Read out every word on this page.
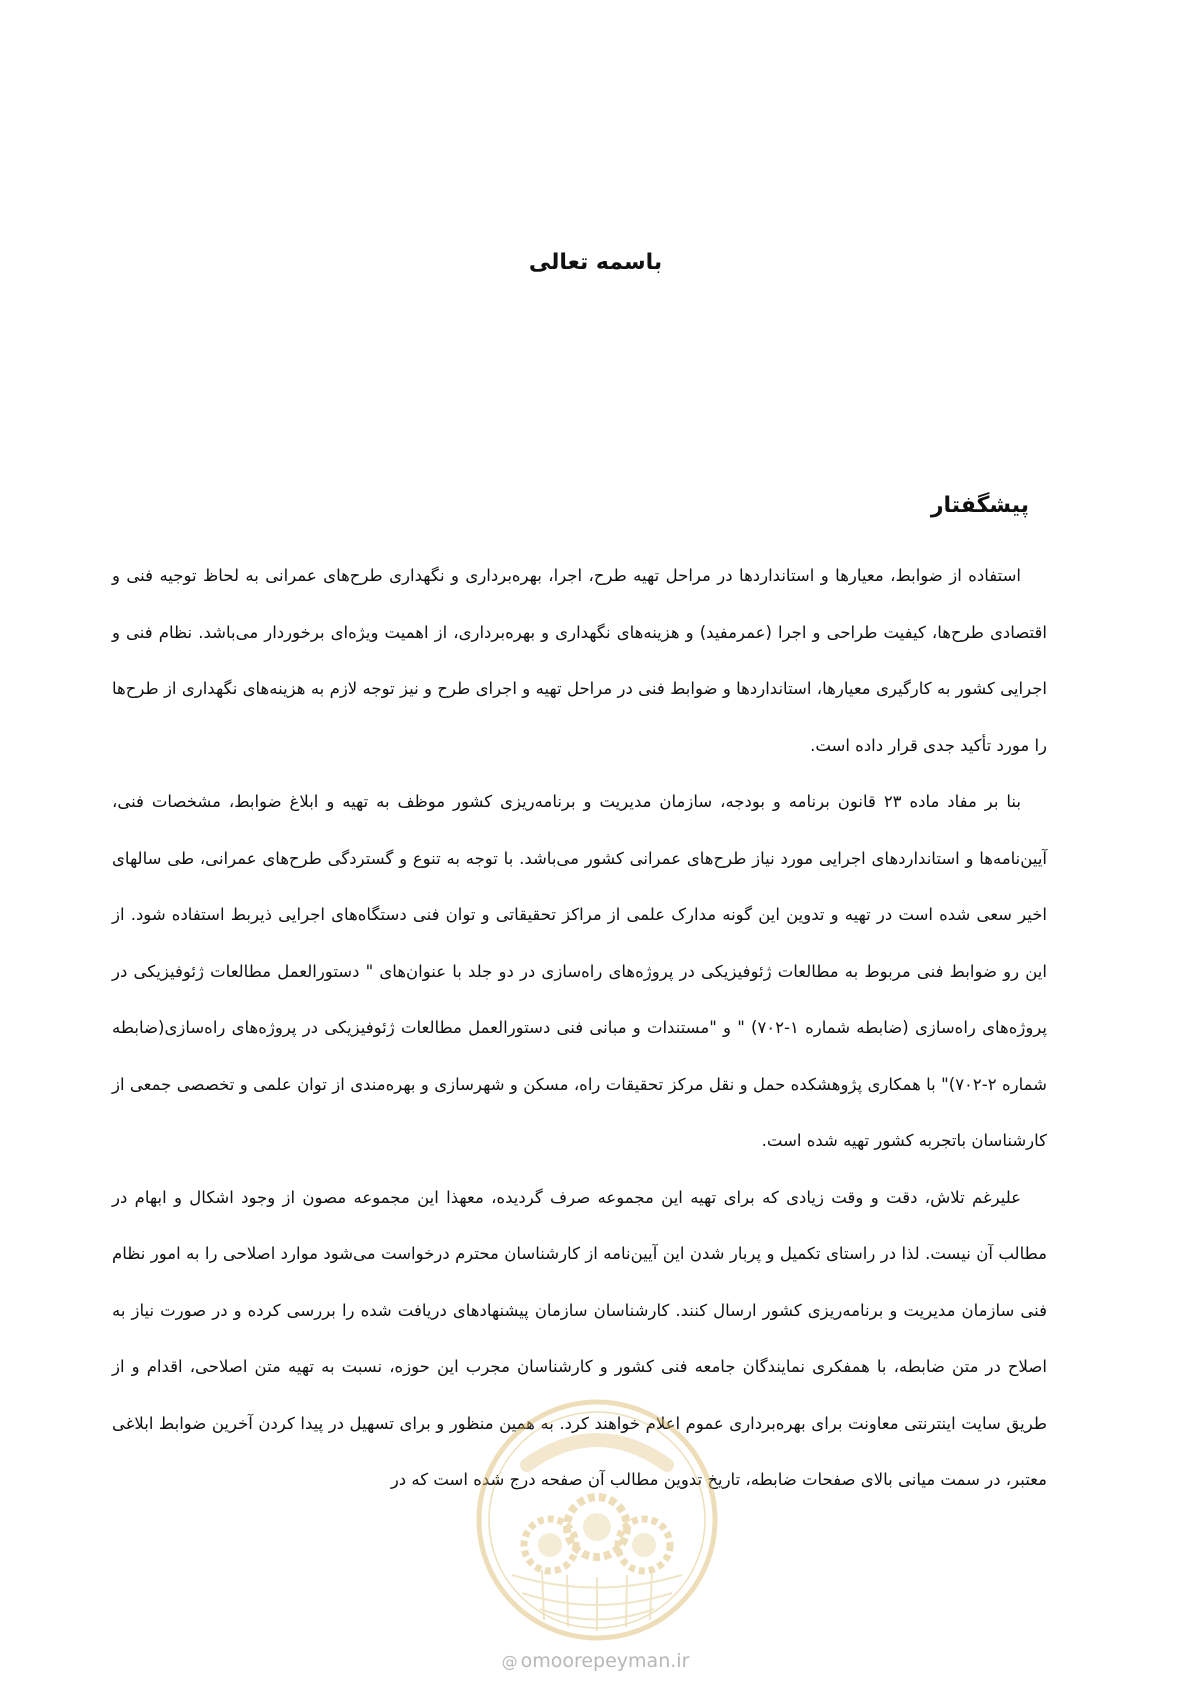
باسمه تعالی
پیشگفتار

استفاده از ضوابط، معیارها و استانداردها در مراحل تهیه طرح، اجرا، بهره‌برداری و نگهداری طرح‌های عمرانی به لحاظ توجیه فنی و اقتصادی طرح‌ها، کیفیت طراحی و اجرا (عمرمفید) و هزینه‌های نگهداری و بهره‌برداری، از اهمیت ویژه‌ای برخوردار می‌باشد. نظام فنی و اجرایی کشور به کارگیری معیارها، استانداردها و ضوابط فنی در مراحل تهیه و اجرای طرح و نیز توجه لازم به هزینه‌های نگهداری از طرح‌ها را مورد تأکید جدی قرار داده است.

بنا بر مفاد ماده ۲۳ قانون برنامه و بودجه، سازمان مدیریت و برنامه‌ریزی کشور موظف به تهیه و ابلاغ ضوابط، مشخصات فنی، آیین‌نامه‌ها و استانداردهای اجرایی مورد نیاز طرح‌های عمرانی کشور می‌باشد. با توجه به تنوع و گستردگی طرح‌های عمرانی، طی سالهای اخیر سعی شده است در تهیه و تدوین این گونه مدارک علمی از مراکز تحقیقاتی و توان فنی دستگاه‌های اجرایی ذیربط استفاده شود. از این رو ضوابط فنی مربوط به مطالعات ژئوفیزیکی در پروژه‌های راه‌سازی در دو جلد با عنوان‌های " دستورالعمل مطالعات ژئوفیزیکی در پروژه‌های راه‌سازی (ضابطه شماره ۱-۷۰۲) " و "مستندات و مبانی فنی دستورالعمل مطالعات ژئوفیزیکی در پروژه‌های راه‌سازی(ضابطه شماره ۲-۷۰۲)" با همکاری پژوهشکده حمل و نقل مرکز تحقیقات راه، مسکن و شهرسازی و بهره‌مندی از توان علمی و تخصصی جمعی از کارشناسان باتجربه کشور تهیه شده است.

علیرغم تلاش، دقت و وقت زیادی که برای تهیه این مجموعه صرف گردیده، معهذا این مجموعه مصون از وجود اشکال و ابهام در مطالب آن نیست. لذا در راستای تکمیل و پربار شدن این آیین‌نامه از کارشناسان محترم درخواست می‌شود موارد اصلاحی را به امور نظام فنی سازمان مدیریت و برنامه‌ریزی کشور ارسال کنند. کارشناسان سازمان پیشنهادهای دریافت شده را بررسی کرده و در صورت نیاز به اصلاح در متن ضابطه، با همفکری نمایندگان جامعه فنی کشور و کارشناسان مجرب این حوزه، نسبت به تهیه متن اصلاحی، اقدام و از طریق سایت اینترنتی معاونت برای بهره‌برداری عموم اعلام خواهند کرد. به همین منظور و برای تسهیل در پیدا کردن آخرین ضوابط ابلاغی معتبر، در سمت میانی بالای صفحات ضابطه، تاریخ تدوین مطالب آن صفحه درج شده است که در

@ omoorepeyman.ir
